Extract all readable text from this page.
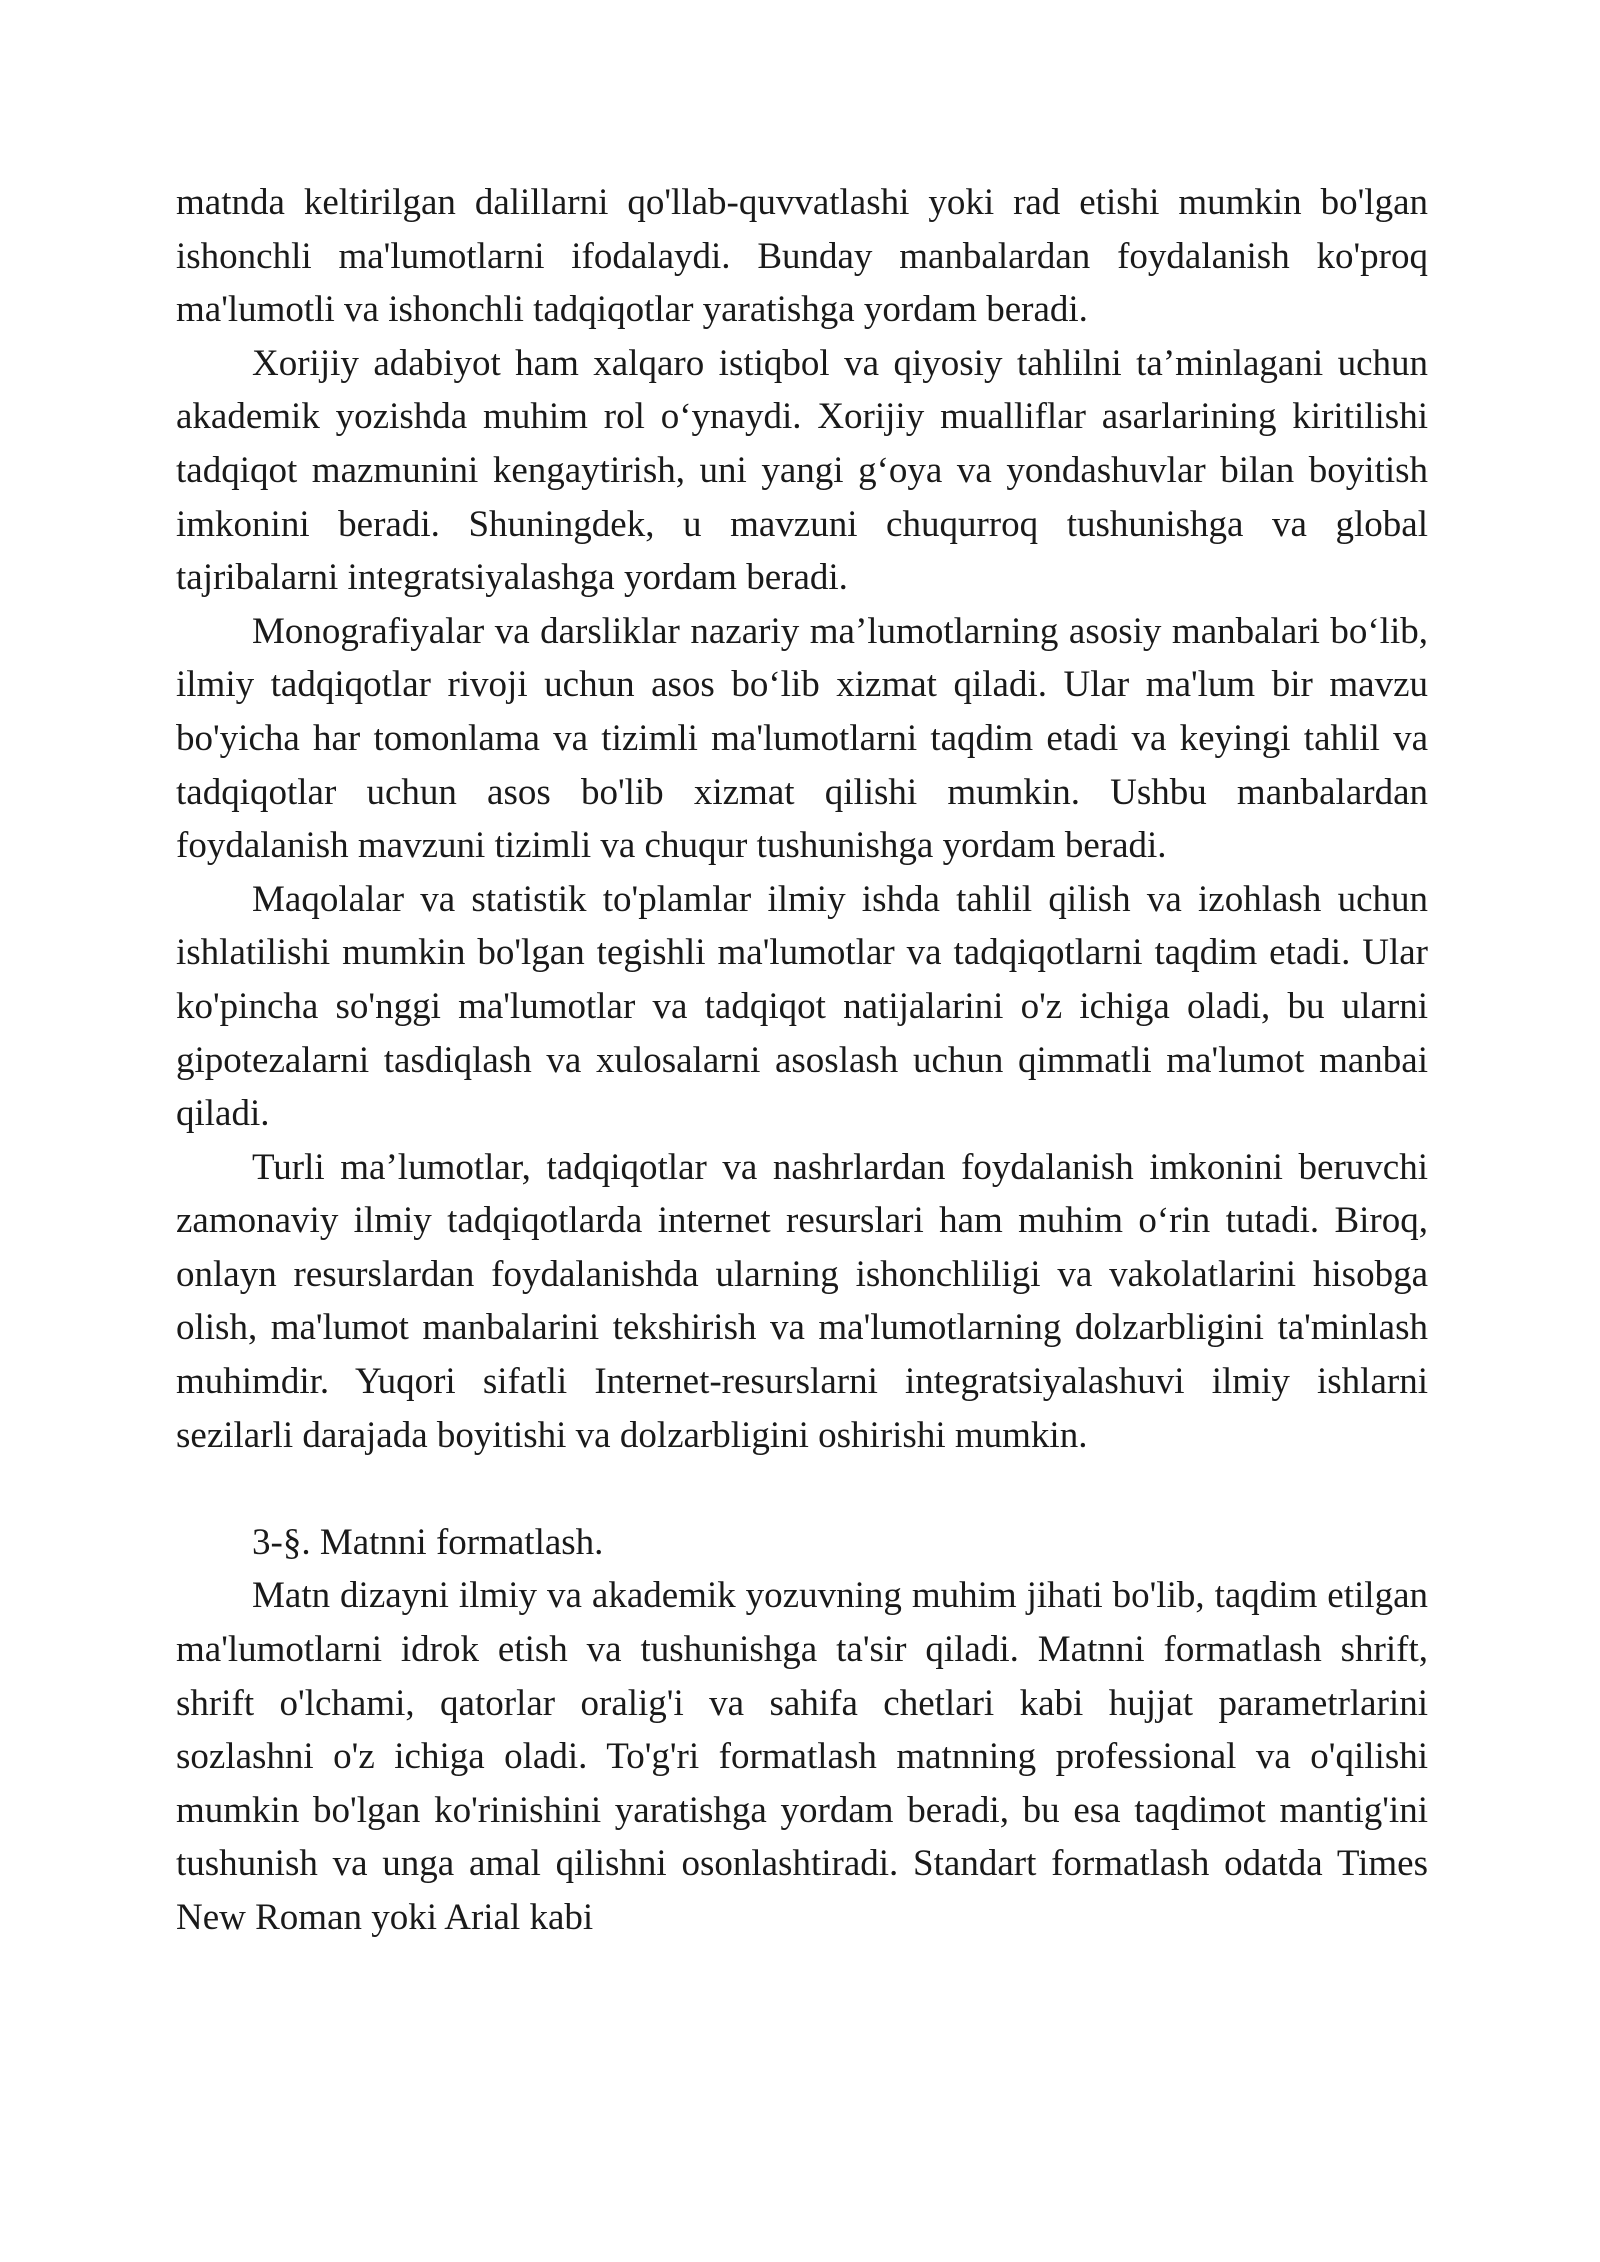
matnda keltirilgan dalillarni qo'llab-quvvatlashi yoki rad etishi mumkin bo'lgan ishonchli ma'lumotlarni ifodalaydi. Bunday manbalardan foydalanish ko'proq ma'lumotli va ishonchli tadqiqotlar yaratishga yordam beradi.

Xorijiy adabiyot ham xalqaro istiqbol va qiyosiy tahlilni ta’minlagani uchun akademik yozishda muhim rol o‘ynaydi. Xorijiy mualliflar asarlarining kiritilishi tadqiqot mazmunini kengaytirish, uni yangi g‘oya va yondashuvlar bilan boyitish imkonini beradi. Shuningdek, u mavzuni chuqurroq tushunishga va global tajribalarni integratsiyalashga yordam beradi.

Monografiyalar va darsliklar nazariy ma’lumotlarning asosiy manbalari bo‘lib, ilmiy tadqiqotlar rivoji uchun asos bo‘lib xizmat qiladi. Ular ma'lum bir mavzu bo'yicha har tomonlama va tizimli ma'lumotlarni taqdim etadi va keyingi tahlil va tadqiqotlar uchun asos bo'lib xizmat qilishi mumkin. Ushbu manbalardan foydalanish mavzuni tizimli va chuqur tushunishga yordam beradi.

Maqolalar va statistik to'plamlar ilmiy ishda tahlil qilish va izohlash uchun ishlatilishi mumkin bo'lgan tegishli ma'lumotlar va tadqiqotlarni taqdim etadi. Ular ko'pincha so'nggi ma'lumotlar va tadqiqot natijalarini o'z ichiga oladi, bu ularni gipotezalarni tasdiqlash va xulosalarni asoslash uchun qimmatli ma'lumot manbai qiladi.

Turli ma’lumotlar, tadqiqotlar va nashrlardan foydalanish imkonini beruvchi zamonaviy ilmiy tadqiqotlarda internet resurslari ham muhim o‘rin tutadi. Biroq, onlayn resurslardan foydalanishda ularning ishonchliligi va vakolatlarini hisobga olish, ma'lumot manbalarini tekshirish va ma'lumotlarning dolzarbligini ta'minlash muhimdir. Yuqori sifatli Internet-resurslarni integratsiyalashuvi ilmiy ishlarni sezilarli darajada boyitishi va dolzarbligini oshirishi mumkin.

3-§. Matnni formatlash.

Matn dizayni ilmiy va akademik yozuvning muhim jihati bo'lib, taqdim etilgan ma'lumotlarni idrok etish va tushunishga ta'sir qiladi. Matnni formatlash shrift, shrift o'lchami, qatorlar oralig'i va sahifa chetlari kabi hujjat parametrlarini sozlashni o'z ichiga oladi. To'g'ri formatlash matnning professional va o'qilishi mumkin bo'lgan ko'rinishini yaratishga yordam beradi, bu esa taqdimot mantig'ini tushunish va unga amal qilishni osonlashtiradi. Standart formatlash odatda Times New Roman yoki Arial kabi
